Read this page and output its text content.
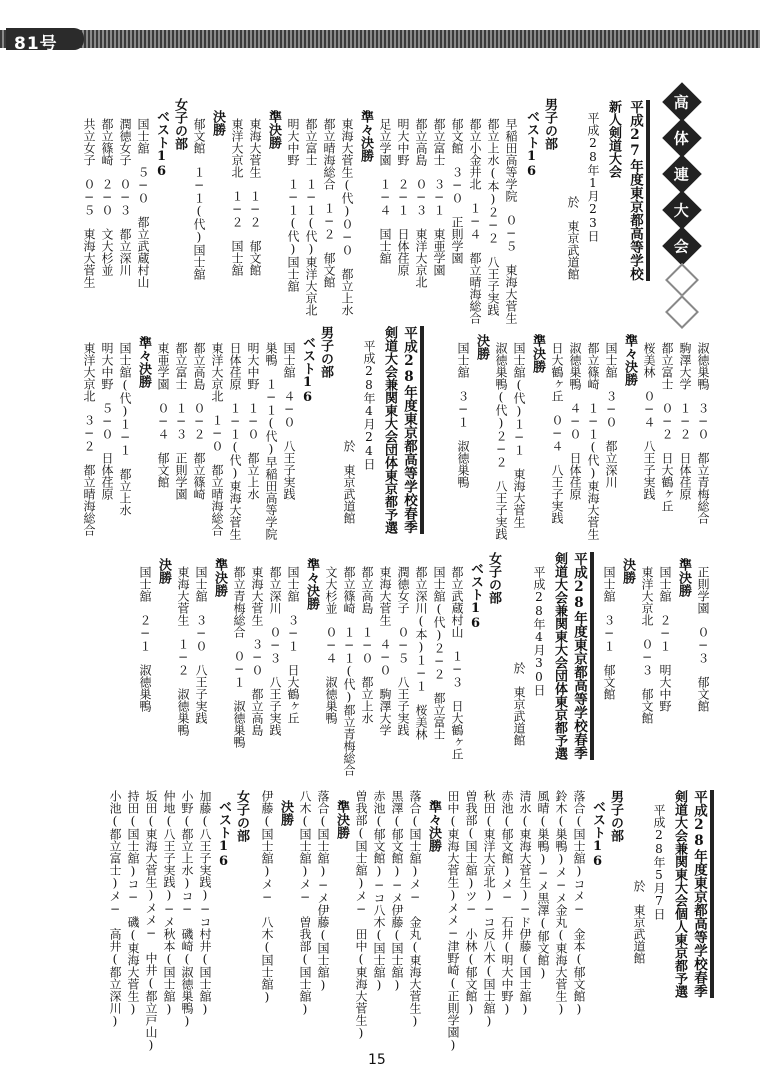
81号
高
体
連
大
会
平成27年度東京都高等学校
新人剣道大会
平成28年1月23日
於　東京武道館
男子の部
ベスト16
早稲田高等学院　０−５　東海大菅生
都立上水(本)２−２　八王子実践
都立小金井北　１−４　都立晴海総合
郁文館　３−０　正則学園
都立富士　３−１　東亜学園
都立高島　０−３　東洋大京北
明大中野　２−１　日体荏原
足立学園　１−４　国士舘
準々決勝
東海大菅生(代)０−０　都立上水
都立晴海総合　１−２　郁文館
都立富士　１−１(代)東洋大京北
明大中野　１−１(代)国士舘
準決勝
東海大菅生　１−２　郁文館
東洋大京北　１−２　国士舘
決勝
郁文館　１−１(代)国士舘
女子の部
ベスト16
国士舘　５−０　都立武蔵村山
潤徳女子　０−３　都立深川
都立篠崎　２−０　文大杉並
共立女子　０−５　東海大菅生
淑徳巣鴨　３−０　都立青梅総合
駒澤大学　１−２　日体荏原
都立富士　０−２　日大鶴ヶ丘
桜美林　０−４　八王子実践
準々決勝
国士舘　３−０　都立深川
都立篠崎　１−１(代)東海大菅生
淑徳巣鴨　４−０　日体荏原
日大鶴ヶ丘　０−４　八王子実践
準決勝
国士舘(代)１−１　東海大菅生
淑徳巣鴨(代)２−２　八王子実践
決勝
国士舘　３−１　淑徳巣鴨
平成28年度東京都高等学校春季
剣道大会兼関東大会団体東京都予選
平成28年4月24日
於　東京武道館
男子の部
ベスト16
国士舘　４−０　八王子実践
巣鴨　１−１(代)早稲田高等学院
明大中野　１−０　都立上水
日体荏原　１−１(代)東海大菅生
東洋大京北　１−０　都立晴海総合
都立高島　０−２　都立篠崎
都立富士　１−３　正則学園
東亜学園　０−４　郁文館
準々決勝
国士舘(代)１−１　都立上水
明大中野　５−０　日体荏原
東洋大京北　３−２　都立晴海総合
正則学園　０−３　郁文館
準決勝
国士舘　２−１　明大中野
東洋大京北　０−３　郁文館
決勝
国士舘　３−１　郁文館
平成28年度東京都高等学校春季
剣道大会兼関東大会団体東京都予選
平成28年4月30日
於　東京武道館
女子の部
ベスト16
都立武蔵村山　１−３　日大鶴ヶ丘
国士舘(代)２−２　都立富士
都立深川(本)１−１　桜美林
潤徳女子　０−５　八王子実践
東海大菅生　４−０　駒澤大学
都立高島　１−０　都立上水
都立篠崎　１−１(代)都立青梅総合
文大杉並　０−４　淑徳巣鴨
準々決勝
国士舘　３−１　日大鶴ヶ丘
都立深川　０−３　八王子実践
東海大菅生　３−０　都立高島
都立青梅総合　０−１　淑徳巣鴨
準決勝
国士舘　３−０　八王子実践
東海大菅生　１−２　淑徳巣鴨
決勝
国士舘　２−１　淑徳巣鴨
平成28年度東京都高等学校春季
剣道大会兼関東大会個人東京都予選
平成28年5月7日
於　東京武道館
男子の部
ベスト16
落合(国士舘)コメ−　金本(郁文館)
鈴木(巣鴨)メ−メ金丸(東海大菅生)
風晴(巣鴨)−メ黒澤(郁文館)
清水(東海大菅生)−ド伊藤(国士舘)
赤池(郁文館)メ−　石井(明大中野)
秋田(東洋大京北)−コ反八木(国士舘)
曽我部(国士舘)ツ−　小林(郁文館)
田中(東海大菅生)メメ−津野崎(正則学園)
準々決勝
落合(国士舘)メ−　金丸(東海大菅生)
黒澤(郁文館)−メ伊藤(国士舘)
赤池(郁文館)−コ八木(国士舘)
曽我部(国士舘)メ−　田中(東海大菅生)
準決勝
落合(国士舘)−メ伊藤(国士舘)
八木(国士舘)メ−　曽我部(国士舘)
決勝
伊藤(国士舘)メ−　八木(国士舘)
女子の部
ベスト16
加藤(八王子実践)−コ村井(国士舘)
小野(都立上水)コ−　磯崎(淑徳巣鴨)
仲地(八王子実践)−メ秋本(国士舘)
坂田(東海大菅生)メメ−　中井(都立戸山)
持田(国士舘)コ−　磯(東海大菅生)
小池(都立富士)メ−　高井(都立深川)
15
